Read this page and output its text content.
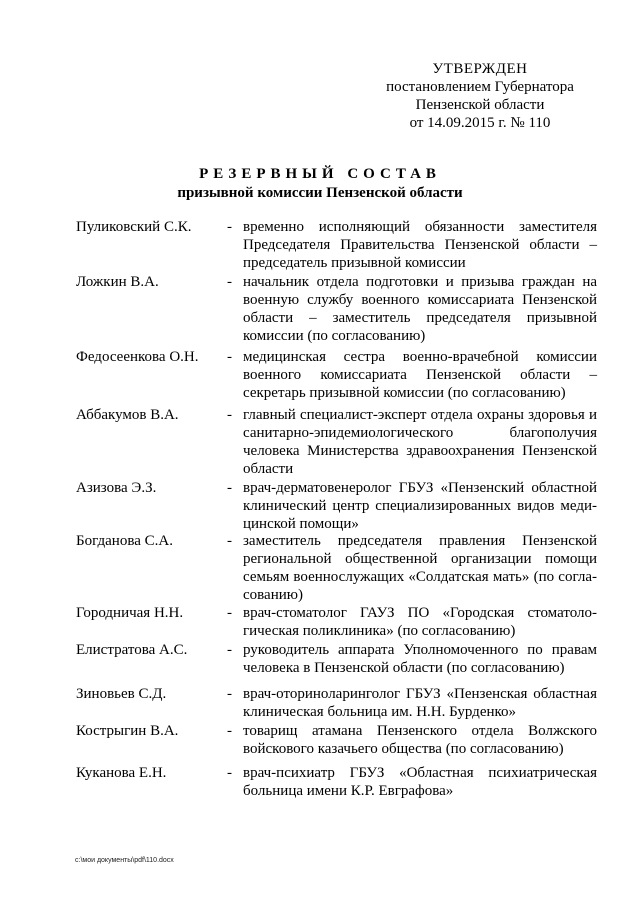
УТВЕРЖДЕН
постановлением Губернатора
Пензенской области
от 14.09.2015 г. № 110
РЕЗЕРВНЫЙ СОСТАВ
призывной комиссии Пензенской области
Пуликовский С.К. - временно исполняющий обязанности заместителя Председателя Правительства Пензенской области – председатель призывной комиссии
Ложкин В.А.	- начальник отдела подготовки и призыва граждан на военную службу военного комиссариата Пензенской области – заместитель председателя призывной комиссии (по согласованию)
Федосеенкова О.Н. - медицинская сестра военно-врачебной комиссии военного комиссариата Пензенской области – секретарь призывной комиссии (по согласованию)
Аббакумов В.А.	- главный специалист-эксперт отдела охраны здоровья и санитарно-эпидемиологического благополучия человека Министерства здравоохранения Пензенской области
Азизова Э.З.	- врач-дерматовенеролог ГБУЗ «Пензенский областной клинический центр специализированных видов медицинской помощи»
Богданова С.А.	- заместитель председателя правления Пензенской региональной общественной организации помощи семьям военнослужащих «Солдатская мать» (по согласованию)
Городничая Н.Н.	- врач-стоматолог ГАУЗ ПО «Городская стоматологическая поликлиника» (по согласованию)
Елистратова А.С.	- руководитель аппарата Уполномоченного по правам человека в Пензенской области (по согласованию)
Зиновьев С.Д.	- врач-оториноларинголог ГБУЗ «Пензенская областная клиническая больница им. Н.Н. Бурденко»
Кострыгин В.А.	- товарищ атамана Пензенского отдела Волжского войскового казачьего общества (по согласованию)
Куканова Е.Н.	- врач-психиатр ГБУЗ «Областная психиатрическая больница имени К.Р. Евграфова»
c:\мои документы\pdf\110.docx
